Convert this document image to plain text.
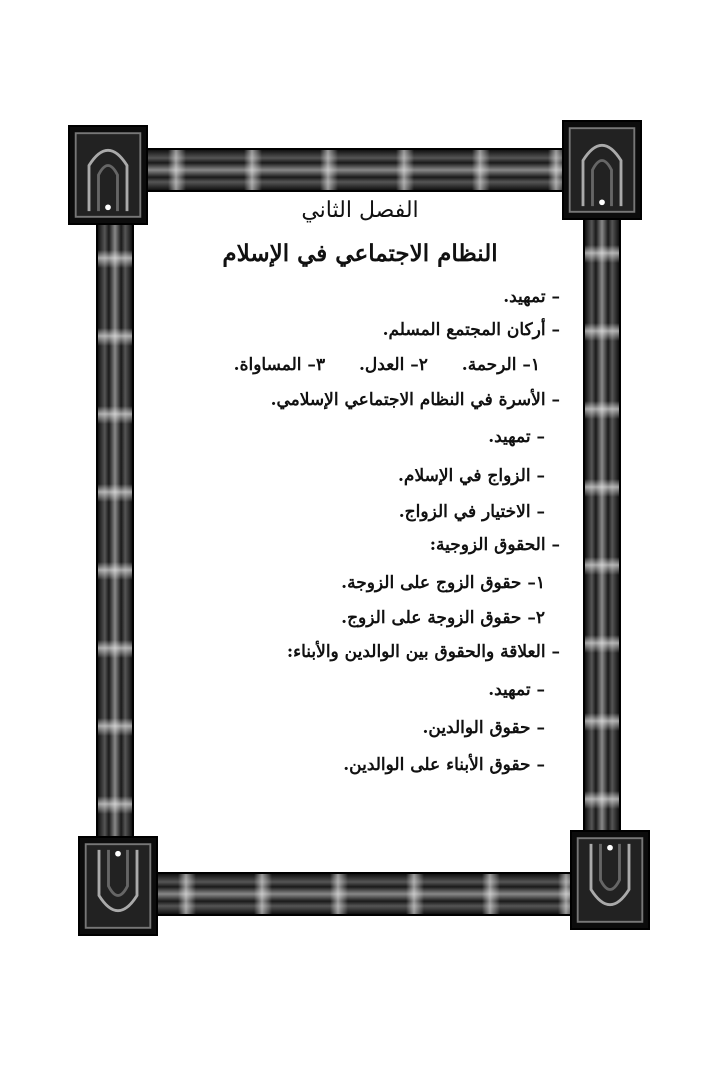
الفصل الثاني
النظام الاجتماعي في الإسلام
– تمهيد.
– أركان المجتمع المسلم.
١– الرحمة. ٢– العدل. ٣– المساواة.
– الأسرة في النظام الاجتماعي الإسلامي.
– تمهيد.
– الزواج في الإسلام.
– الاختيار في الزواج.
– الحقوق الزوجية:
١– حقوق الزوج على الزوجة.
٢– حقوق الزوجة على الزوج.
– العلاقة والحقوق بين الوالدين والأبناء:
– تمهيد.
– حقوق الوالدين.
– حقوق الأبناء على الوالدين.
